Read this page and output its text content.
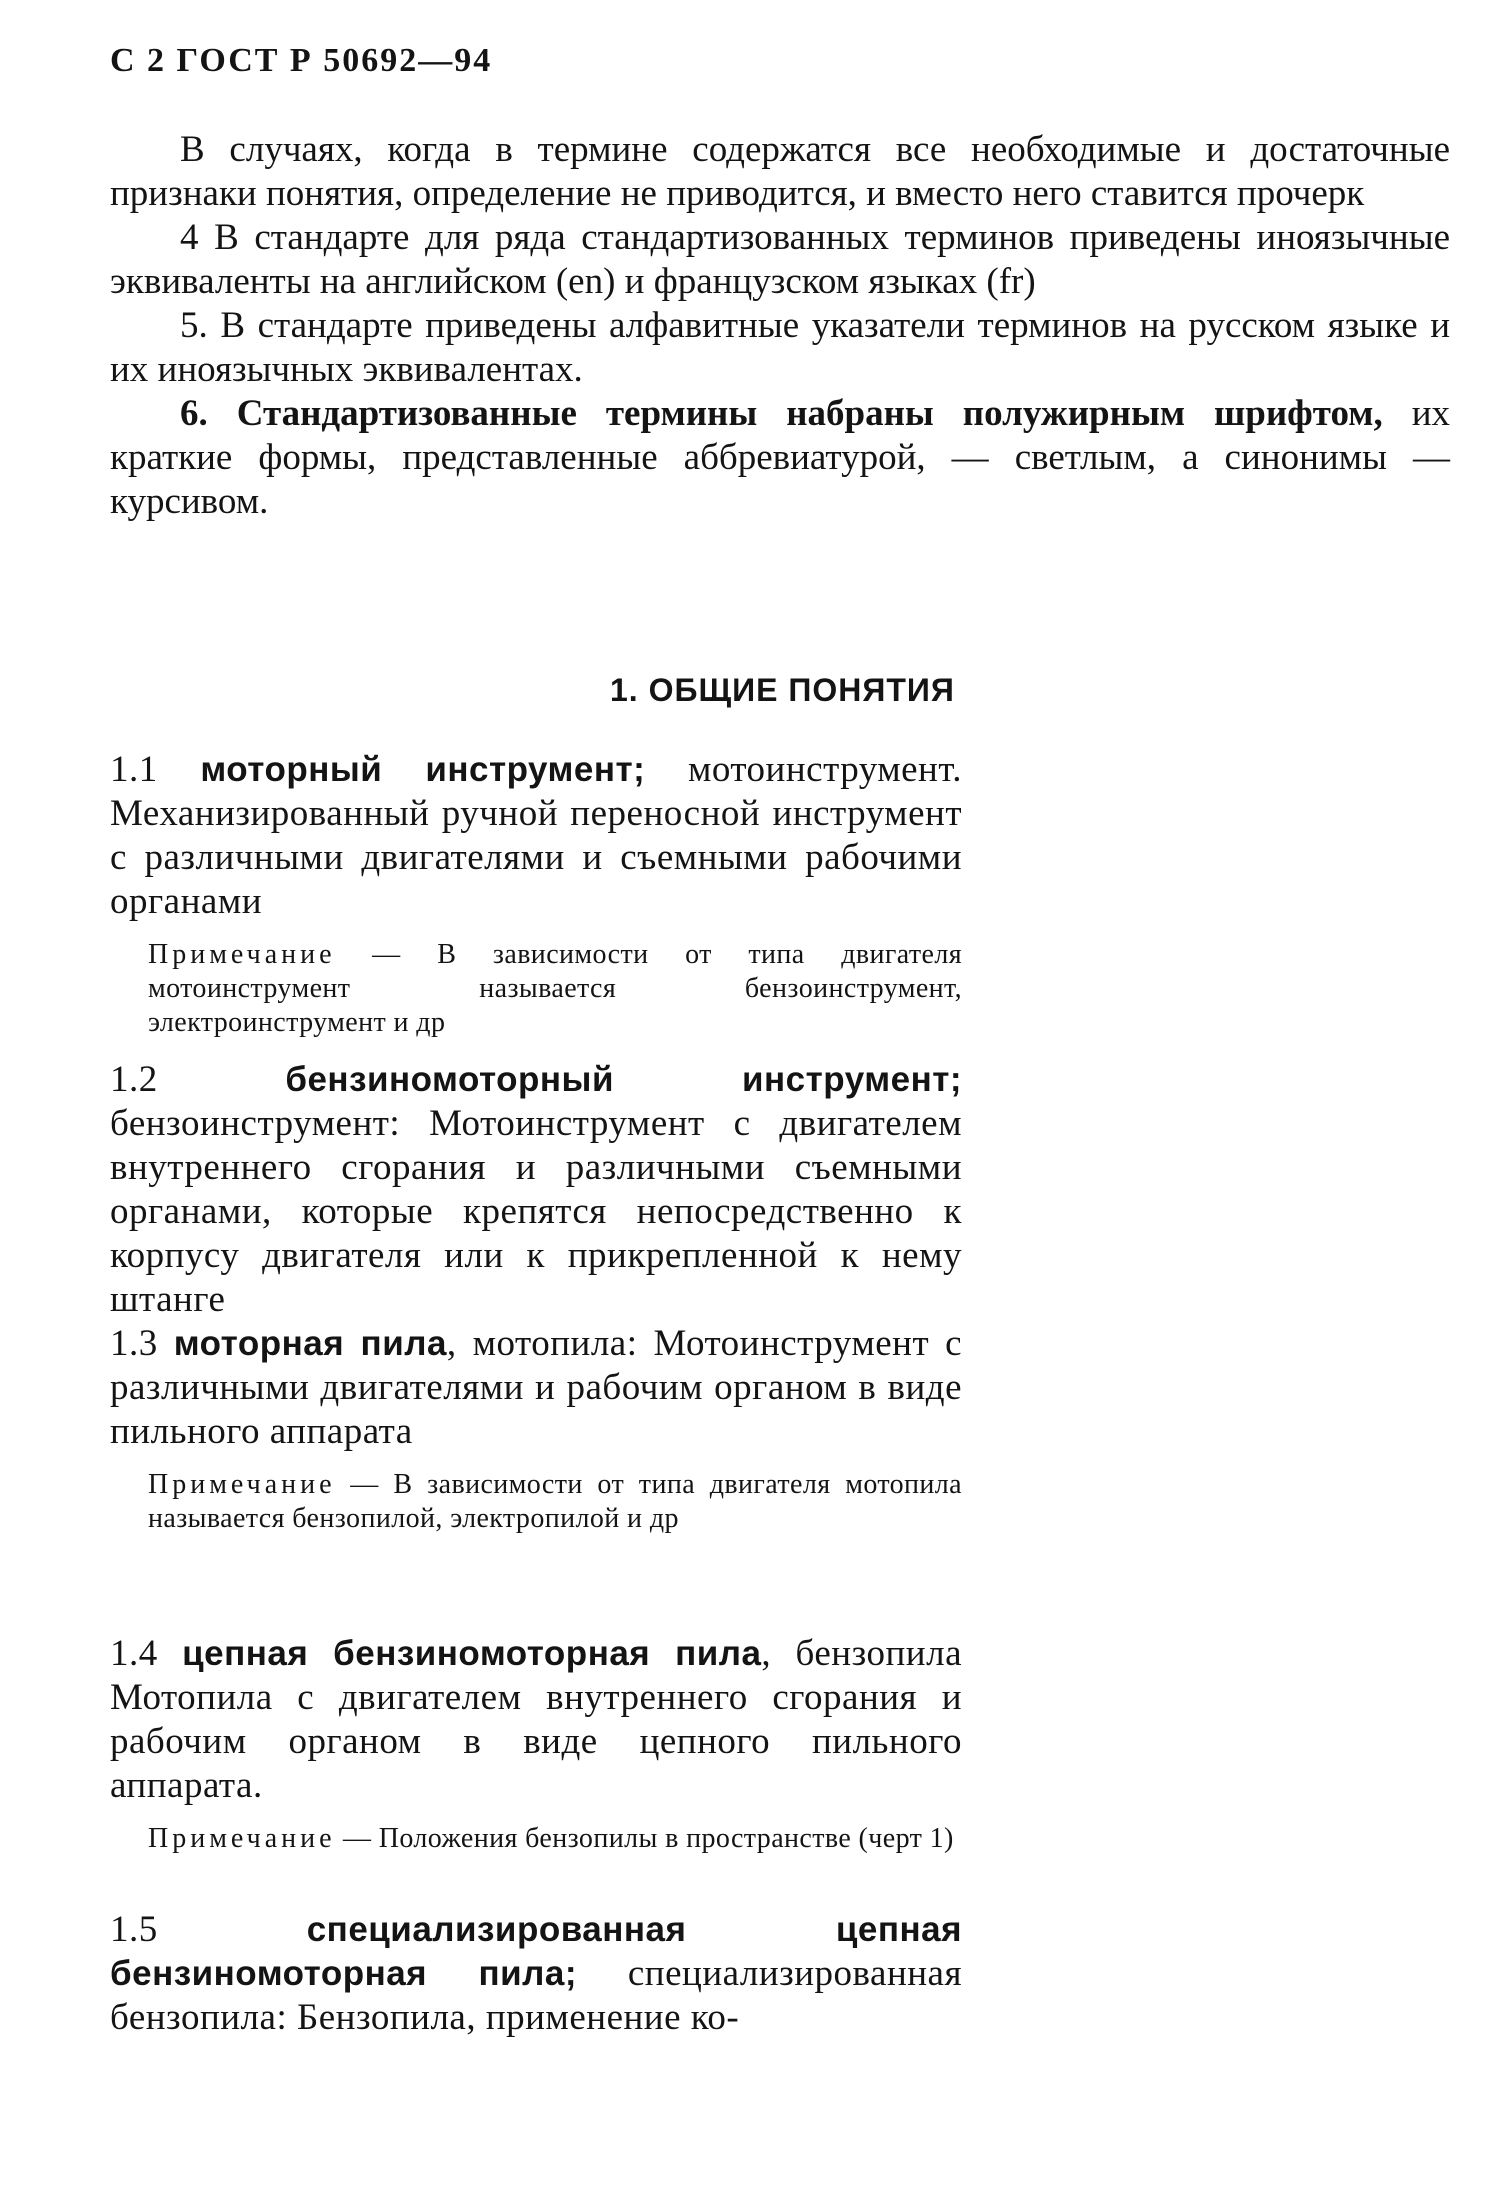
С 2 ГОСТ Р 50692—94

В случаях, когда в термине содержатся все необходимые и достаточные признаки понятия, определение не приводится, и вместо него ставится прочерк

4 В стандарте для ряда стандартизованных терминов приведены иноязычные эквиваленты на английском (en) и французском языках (fr)

5. В стандарте приведены алфавитные указатели терминов на русском языке и их иноязычных эквивалентах.

6. Стандартизованные термины набраны полужирным шрифтом, их краткие формы, представленные аббревиатурой, — светлым, а синонимы — курсивом.

1. ОБЩИЕ ПОНЯТИЯ

1.1 моторный инструмент; мотоинструмент. Механизированный ручной переносной инструмент с различными двигателями и съемными рабочими органами

Примечание — В зависимости от типа двигателя мотоинструмент называется бензоинструмент, электроинструмент и др

1.2	бензиномоторный инструмент; бензоинструмент: Мотоинструмент с двигателем внутреннего сгорания и различными съемными органами, которые крепятся непосредственно к корпусу двигателя или к прикрепленной к нему штанге

1.3 моторная пила, мотопила: Мотоинструмент с различными двигателями и рабочим органом в виде пильного аппарата

Примечание — В зависимости от типа двигателя мотопила называется бензопилой, электропилой и др

1.4 цепная бензиномоторная пила, бензопила Мотопила с двигателем внутреннего сгорания и рабочим органом в виде цепного пильного аппарата.

Примечание — Положения бензопилы в пространстве (черт 1)

1.5	специализированная цепная бензиномоторная пила; специализированная бензопила: Бензопила, применение ко-
